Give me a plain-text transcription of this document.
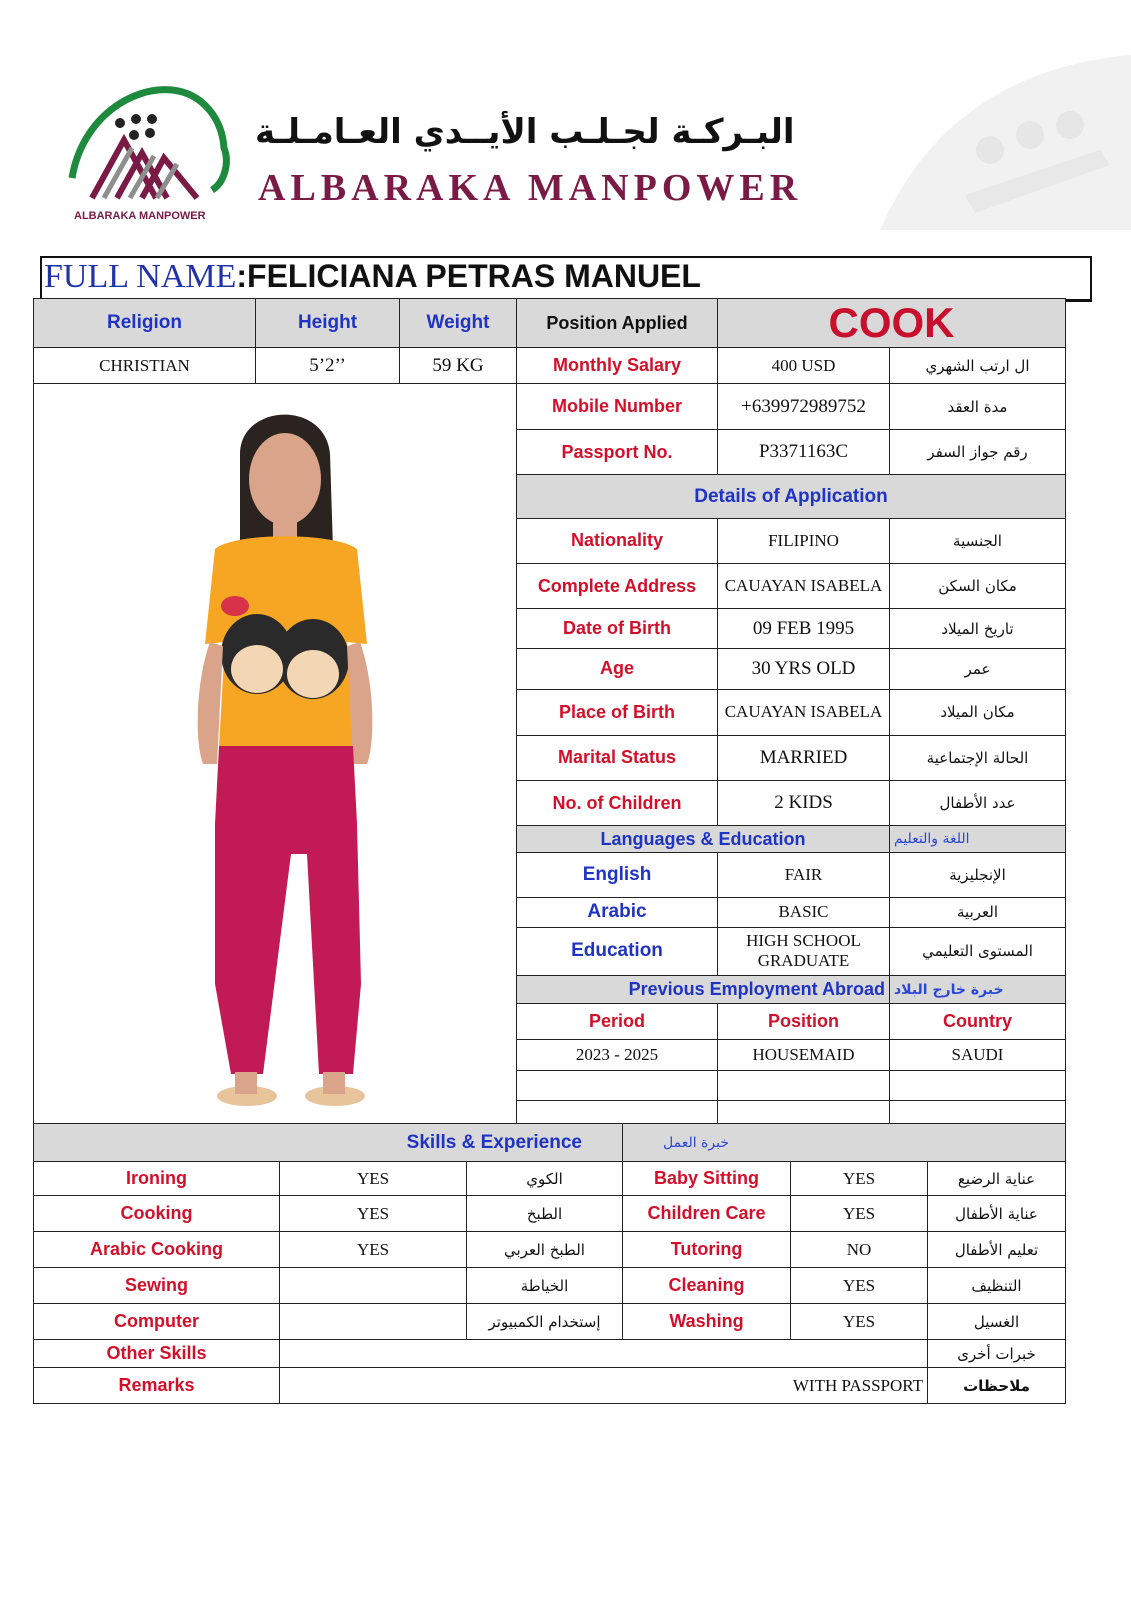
ALBARAKA MANPOWER
البـركـة لجـلـب الأيــدي العـامـلـة
ALBARAKA MANPOWER
FULL NAME:FELICIANA PETRAS MANUEL
Religion	Height	Weight	Position Applied	COOK	
CHRISTIAN	5’2’’	59 KG	Monthly Salary	400 USD	ال ارتب الشهري
	Mobile Number	+639972989752	مدة العقد
			Passport No.	P3371163C	رقم جواز السفر
			Details of Application		
			Nationality	FILIPINO	الجنسية
			Complete Address	CAUAYAN ISABELA	مكان السكن
			Date of Birth	09 FEB 1995	تاريخ الميلاد
			Age	30 YRS OLD	عمر
			Place of Birth	CAUAYAN ISABELA	مكان الميلاد
			Marital Status	MARRIED	الحالة الإجتماعية
			No. of Children	2 KIDS	عدد الأطفال
			Languages & Education		اللغة والتعليم
			English	FAIR	الإنجليزية
			Arabic	BASIC	العربية
			Education	HIGH SCHOOL GRADUATE	المستوى التعليمي
			Previous Employment Abroad		خبرة خارج البلاد
			Period	Position	Country
			2023 - 2025	HOUSEMAID	SAUDI

Skills & Experience			خبرة العمل		
Ironing	YES	الكوي	Baby Sitting	YES	عناية الرضيع
Cooking	YES	الطبخ	Children Care	YES	عناية الأطفال
Arabic Cooking	YES	الطبخ العربي	Tutoring	NO	تعليم الأطفال
Sewing		الخياطة	Cleaning	YES	التنظيف
Computer		إستخدام الكمبيوتر	Washing	YES	الغسيل
Other Skills					خبرات أخرى
Remarks	WITH PASSPORT				ملاحظات
